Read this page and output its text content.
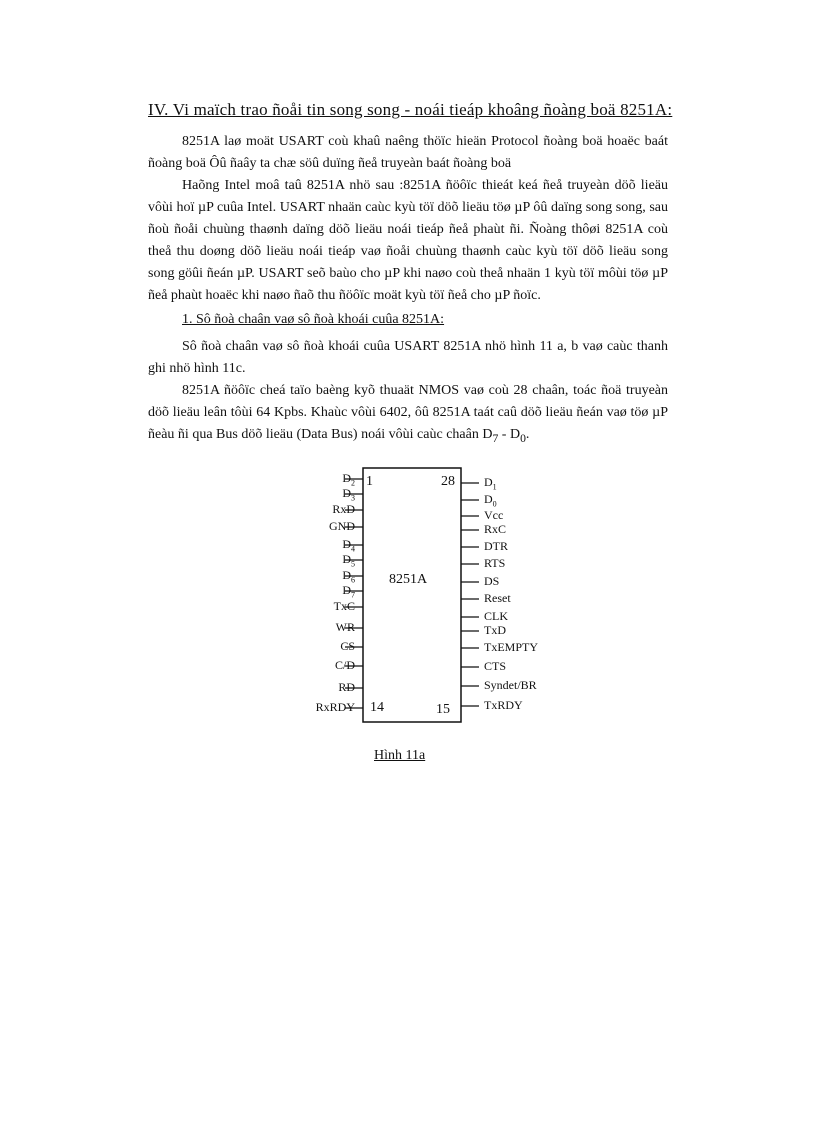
IV. Vi maïch trao ñoåi tin song song - noái tieáp khoâng ñoàng boä 8251A:

8251A laø moät USART coù khaû naêng thöïc hieän Protocol ñoàng boä hoaëc baát ñoàng boä Ôû ñaây ta chæ söû duïng ñeå truyeàn baát ñoàng boä

Haõng Intel moâ taû 8251A nhö sau :8251A ñöôïc thieát keá ñeå truyeàn döõ lieäu vôùi hoï µP cuûa Intel. USART nhaän caùc kyù töï döõ lieäu töø µP ôû daïng song song, sau ñoù ñoåi chuùng thaønh daïng döõ lieäu noái tieáp ñeå phaùt ñi. Ñoàng thôøi 8251A coù theå thu doøng döõ lieäu noái tieáp vaø ñoåi chuùng thaønh caùc kyù töï döõ lieäu song song göûi ñeán µP. USART seõ baùo cho µP khi naøo coù theå nhaän 1 kyù töï môùi töø µP ñeå phaùt hoaëc khi naøo ñaõ thu ñöôïc moät kyù töï ñeå cho µP ñoïc.

1. Sô ñoà chaân vaø sô ñoà khoái cuûa 8251A:

Sô ñoà chaân vaø sô ñoà khoái cuûa USART 8251A nhö hình 11 a, b vaø caùc thanh ghi nhö hình 11c.

8251A ñöôïc cheá taïo baèng kyõ thuaät NMOS vaø coù 28 chaân, toác ñoä truyeàn döõ lieäu leân tôùi 64 Kpbs. Khaùc vôùi 6402, ôû 8251A taát caû döõ lieäu ñeán vaø töø µP ñeàu ñi qua Bus döõ lieäu (Data Bus) noái vôùi caùc chaân $D_7 - D_0$.

1	28
14	15
8251A
$D_2$
$D_3$
RxD
GND
$D_4$
$D_5$
$D_6$
$D_7$
TxC
WR
CS
C/D
RD
RxRDY
$D_1$
$D_0$
Vcc
RxC
DTR
RTS
DS
Reset
CLK
TxD
TxEMPTY
CTS
Syndet/BR
TxRDY
Hình 11a
